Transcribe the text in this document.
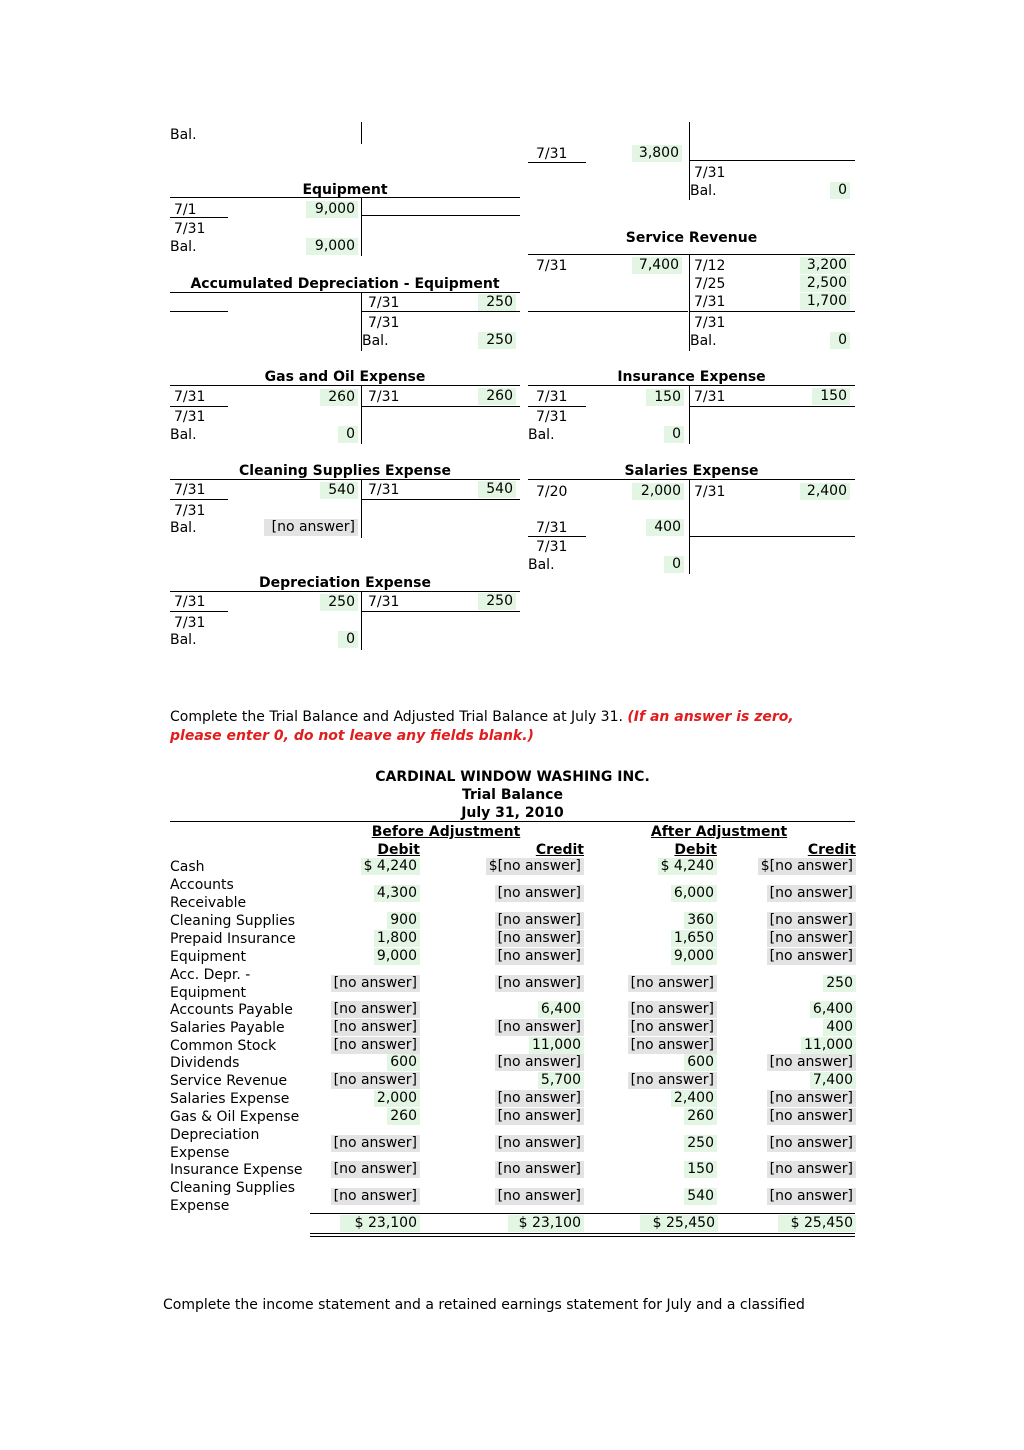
Bal.
7/31	3,800
7/31
Bal.	0
Equipment
7/1	9,000
7/31
Bal.	9,000	Service Revenue
7/31	7,400 7/12	3,200
7/25	2,500
7/31	1,700
7/31
Bal.	0
Accumulated Depreciation - Equipment
7/31	250
7/31
Bal.	250
Gas and Oil Expense
7/31	260 7/31	260
7/31
Bal.	0
Insurance Expense
7/31	150 7/31	150
7/31
Bal.	0
Cleaning Supplies Expense
7/31	540 7/31	540
7/31
Bal.	[no answer]
Salaries Expense
7/20	2,000 7/31	2,400
7/31	400
7/31
Bal.	0
Depreciation Expense
7/31	250 7/31	250
7/31
Bal.	0
Complete the Trial Balance and Adjusted Trial Balance at July 31. (If an answer is zero,
please enter 0, do not leave any fields blank.)
CARDINAL WINDOW WASHING INC.
Trial Balance
July 31, 2010
Before Adjustment	After Adjustment
Debit	Credit	Debit	Credit
Cash	$ 4,240	$[no answer]	$ 4,240	$[no answer]
Accounts Receivable
4,300	[no answer]	6,000	[no answer]
Cleaning Supplies	900	[no answer]	360	[no answer]
Prepaid Insurance	1,800	[no answer]	1,650	[no answer]
Equipment	9,000	[no answer]	9,000	[no answer]
Acc. Depr. - Equipment
[no answer]	[no answer]	[no answer]	250
Accounts Payable	[no answer]	6,400	[no answer]	6,400
Salaries Payable	[no answer]	[no answer]	[no answer]	400
Common Stock	[no answer]	11,000	[no answer]	11,000
Dividends	600	[no answer]	600	[no answer]
Service Revenue	[no answer]	5,700	[no answer]	7,400
Salaries Expense	2,000	[no answer]	2,400	[no answer]
Gas & Oil Expense	260	[no answer]	260	[no answer]
Depreciation Expense
[no answer]	[no answer]	250	[no answer]
Insurance Expense [no answer]	[no answer]	150	[no answer]
Cleaning Supplies Expense
[no answer]	[no answer]	540	[no answer]
$ 23,100	$ 23,100	$ 25,450	$ 25,450
Complete the income statement and a retained earnings statement for July and a classified
